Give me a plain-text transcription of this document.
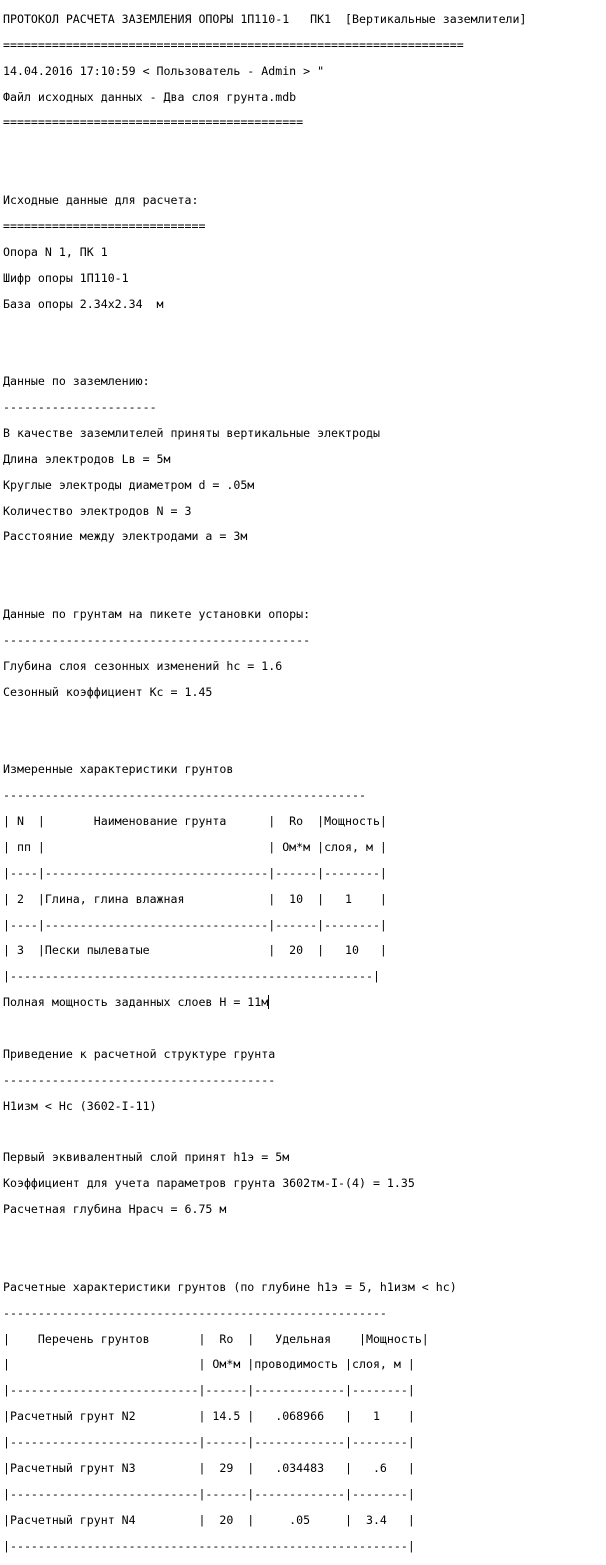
ПРОТОКОЛ РАСЧЕТА ЗАЗЕМЛЕНИЯ ОПОРЫ 1П110-1   ПК1  [Вертикальные заземлители]

==================================================================

14.04.2016 17:10:59 < Пользователь - Admin > "

Файл исходных данных - Два слоя грунта.mdb

===========================================

Исходные данные для расчета:

=============================

Опора N 1, ПК 1

Шифр опоры 1П110-1

База опоры 2.34x2.34  м

Данные по заземлению:

----------------------

В качестве заземлителей приняты вертикальные электроды

Длина электродов Lв = 5м

Круглые электроды диаметром d = .05м

Количество электродов N = 3

Расстояние между электродами а = 3м

Данные по грунтам на пикете установки опоры:

--------------------------------------------

Глубина слоя сезонных изменений hc = 1.6

Сезонный коэффициент Кс = 1.45

Измеренные характеристики грунтов

----------------------------------------------------

| N  |       Наименование грунта      |  Ro  |Мощность|

| пп |                                | Ом*м |слоя, м |

|----|--------------------------------|------|--------|

| 2  |Глина, глина влажная            |  10  |   1    |

|----|--------------------------------|------|--------|

| 3  |Пески пылеватые                 |  20  |   10   |

|----------------------------------------------------|

Полная мощность заданных слоев H = 11м

Приведение к расчетной структуре грунта

---------------------------------------

H1изм < Hc (3602-I-11)

Первый эквивалентный слой принят h1э = 5м

Коэффициент для учета параметров грунта 3602тм-I-(4) = 1.35

Расчетная глубина Hрасч = 6.75 м

Расчетные характеристики грунтов (по глубине h1э = 5, h1изм < hc)

-------------------------------------------------------

|    Перечень грунтов       |  Ro  |   Удельная    |Мощность|

|                           | Ом*м |проводимость |слоя, м |

|---------------------------|------|-------------|--------|

|Расчетный грунт N2         | 14.5 |   .068966   |   1    |

|---------------------------|------|-------------|--------|

|Расчетный грунт N3         |  29  |   .034483   |   .6   |

|---------------------------|------|-------------|--------|

|Расчетный грунт N4         |  20  |     .05     |  3.4   |

|---------------------------------------------------------|
